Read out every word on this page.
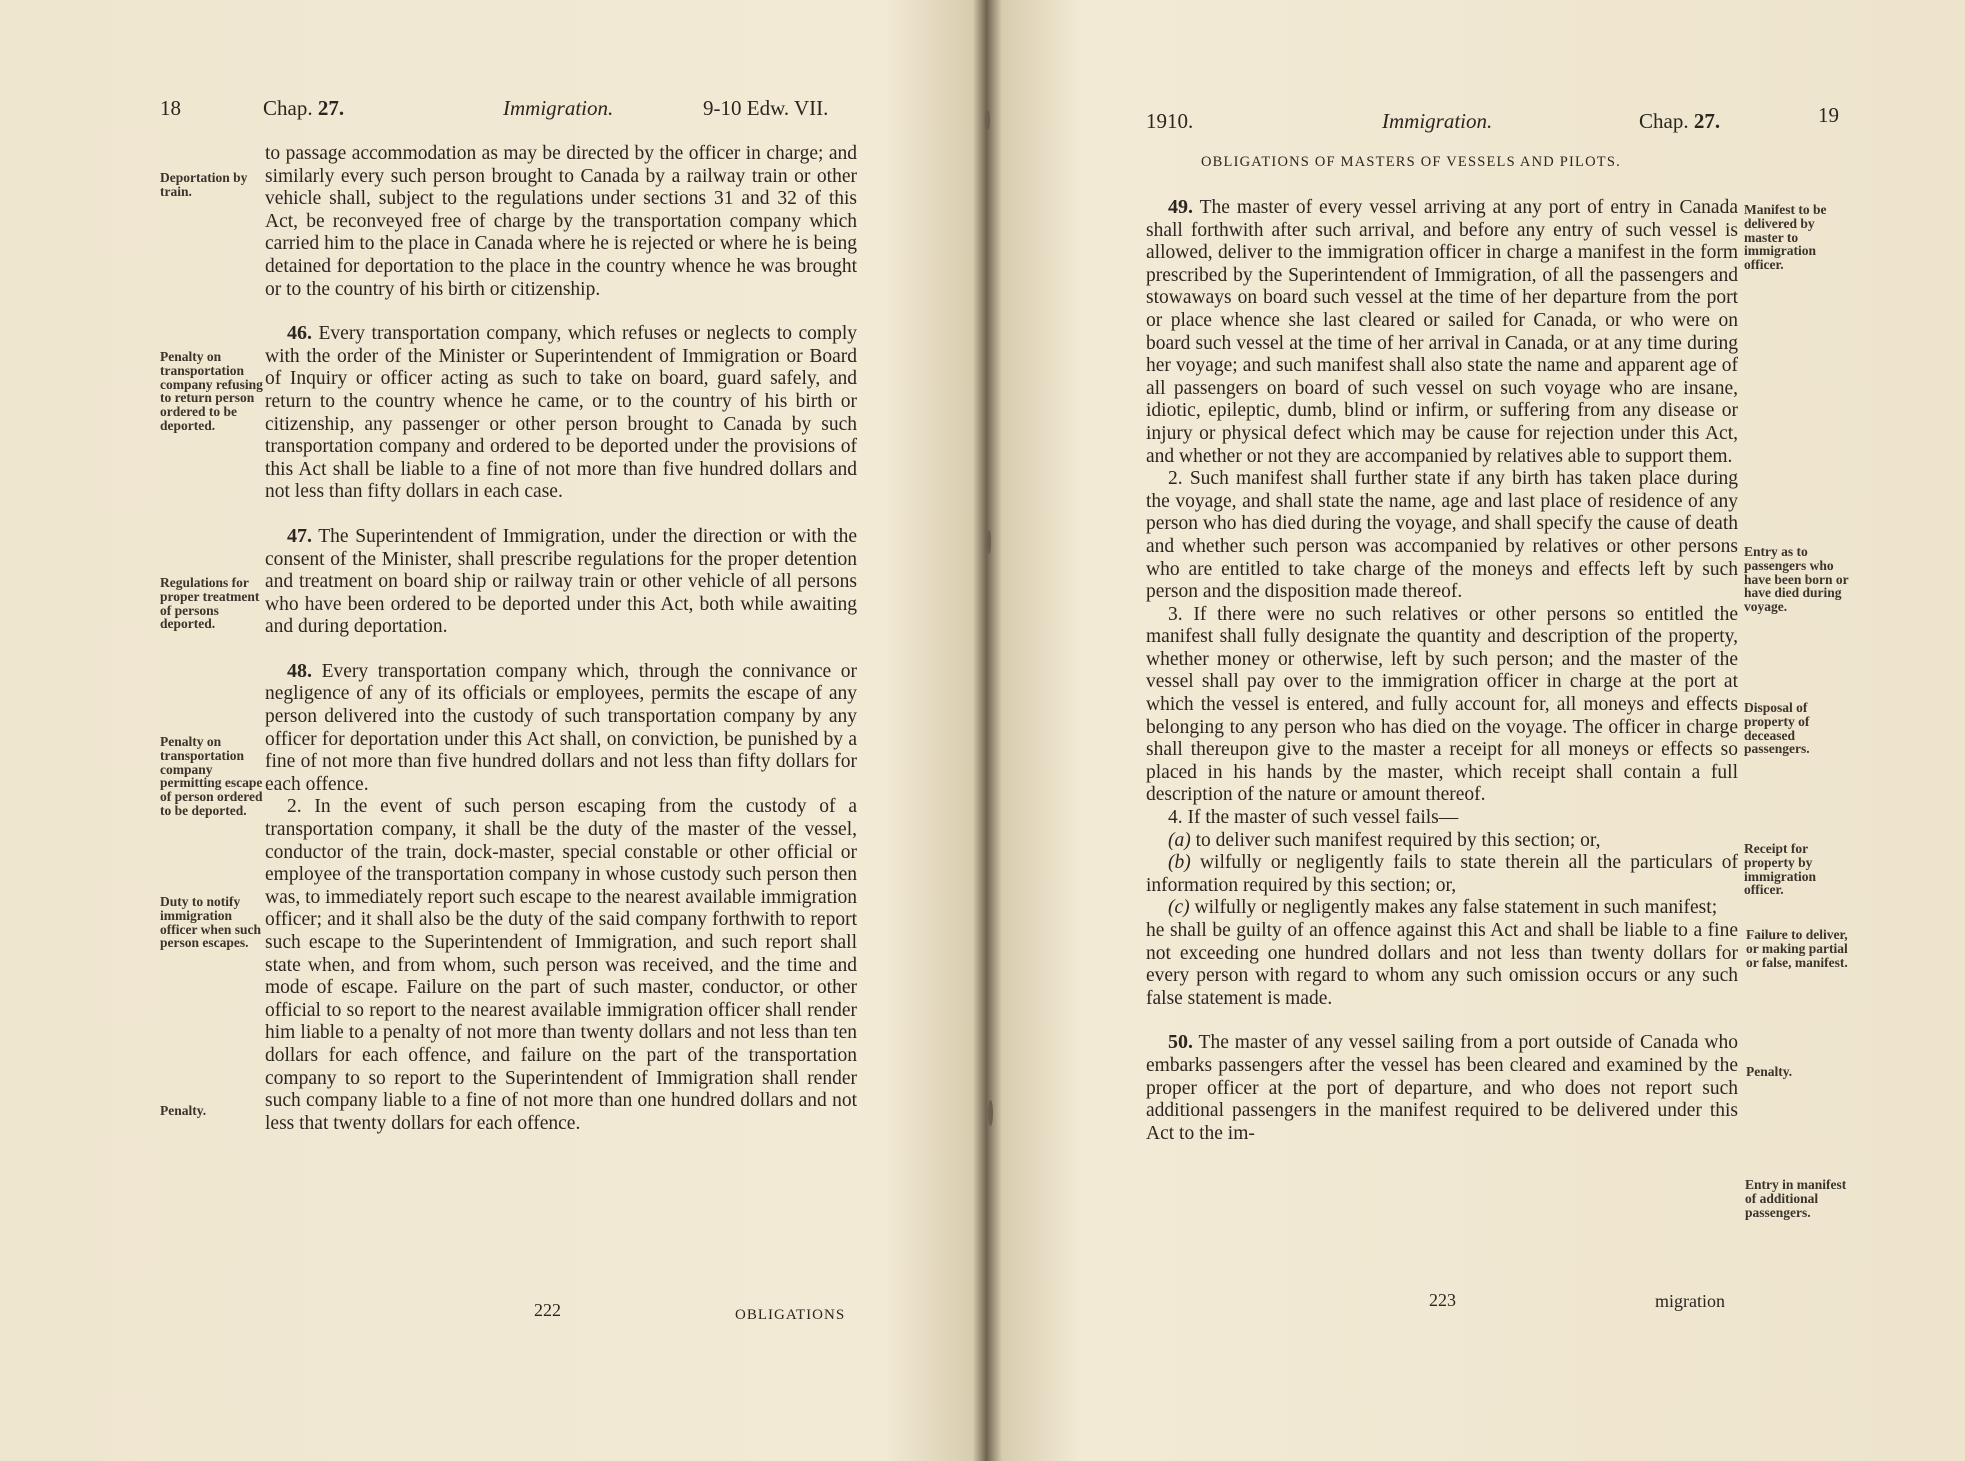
18	Chap. 27.	Immigration.	9-10 Edw. VII.
Deportation by train.
Penalty on transportation company refusing to return person ordered to be deported.
Regulations for proper treatment of persons deported.
Penalty on transportation company permitting escape of person ordered to be deported.
Duty to notify immigration officer when such person escapes.
Penalty.

to passage accommodation as may be directed by the officer in charge; and similarly every such person brought to Canada by a railway train or other vehicle shall, subject to the regulations under sections 31 and 32 of this Act, be reconveyed free of charge by the transportation company which carried him to the place in Canada where he is rejected or where he is being detained for deportation to the place in the country whence he was brought or to the country of his birth or citizenship.

46. Every transportation company, which refuses or neglects to comply with the order of the Minister or Superintendent of Immigration or Board of Inquiry or officer acting as such to take on board, guard safely, and return to the country whence he came, or to the country of his birth or citizenship, any passenger or other person brought to Canada by such transportation company and ordered to be deported under the provisions of this Act shall be liable to a fine of not more than five hundred dollars and not less than fifty dollars in each case.

47. The Superintendent of Immigration, under the direction or with the consent of the Minister, shall prescribe regulations for the proper detention and treatment on board ship or railway train or other vehicle of all persons who have been ordered to be deported under this Act, both while awaiting and during deportation.

48. Every transportation company which, through the connivance or negligence of any of its officials or employees, permits the escape of any person delivered into the custody of such transportation company by any officer for deportation under this Act shall, on conviction, be punished by a fine of not more than five hundred dollars and not less than fifty dollars for each offence.

2. In the event of such person escaping from the custody of a transportation company, it shall be the duty of the master of the vessel, conductor of the train, dock-master, special constable or other official or employee of the transportation company in whose custody such person then was, to immediately report such escape to the nearest available immigration officer; and it shall also be the duty of the said company forthwith to report such escape to the Superintendent of Immigration, and such report shall state when, and from whom, such person was received, and the time and mode of escape. Failure on the part of such master, conductor, or other official to so report to the nearest available immigration officer shall render him liable to a penalty of not more than twenty dollars and not less than ten dollars for each offence, and failure on the part of the transportation company to so report to the Superintendent of Immigration shall render such company liable to a fine of not more than one hundred dollars and not less that twenty dollars for each offence.

222	OBLIGATIONS
1910.	Immigration.	Chap. 27.	19
OBLIGATIONS OF MASTERS OF VESSELS AND PILOTS.
Manifest to be delivered by master to immigration officer.
Entry as to passengers who have been born or have died during voyage.
Disposal of property of deceased passengers.
Receipt for property by immigration officer.
Failure to deliver, or making partial or false, manifest.
Penalty.
Entry in manifest of additional passengers.

49. The master of every vessel arriving at any port of entry in Canada shall forthwith after such arrival, and before any entry of such vessel is allowed, deliver to the immigration officer in charge a manifest in the form prescribed by the Superintendent of Immigration, of all the passengers and stowaways on board such vessel at the time of her departure from the port or place whence she last cleared or sailed for Canada, or who were on board such vessel at the time of her arrival in Canada, or at any time during her voyage; and such manifest shall also state the name and apparent age of all passengers on board of such vessel on such voyage who are insane, idiotic, epileptic, dumb, blind or infirm, or suffering from any disease or injury or physical defect which may be cause for rejection under this Act, and whether or not they are accompanied by relatives able to support them.

2. Such manifest shall further state if any birth has taken place during the voyage, and shall state the name, age and last place of residence of any person who has died during the voyage, and shall specify the cause of death and whether such person was accompanied by relatives or other persons who are entitled to take charge of the moneys and effects left by such person and the disposition made thereof.

3. If there were no such relatives or other persons so entitled the manifest shall fully designate the quantity and description of the property, whether money or otherwise, left by such person; and the master of the vessel shall pay over to the immigration officer in charge at the port at which the vessel is entered, and fully account for, all moneys and effects belonging to any person who has died on the voyage. The officer in charge shall thereupon give to the master a receipt for all moneys or effects so placed in his hands by the master, which receipt shall contain a full description of the nature or amount thereof.

4. If the master of such vessel fails—

(a) to deliver such manifest required by this section; or,

(b) wilfully or negligently fails to state therein all the particulars of information required by this section; or,

(c) wilfully or negligently makes any false statement in such manifest;

he shall be guilty of an offence against this Act and shall be liable to a fine not exceeding one hundred dollars and not less than twenty dollars for every person with regard to whom any such omission occurs or any such false statement is made.

50. The master of any vessel sailing from a port outside of Canada who embarks passengers after the vessel has been cleared and examined by the proper officer at the port of departure, and who does not report such additional passengers in the manifest required to be delivered under this Act to the im-

223	migration
